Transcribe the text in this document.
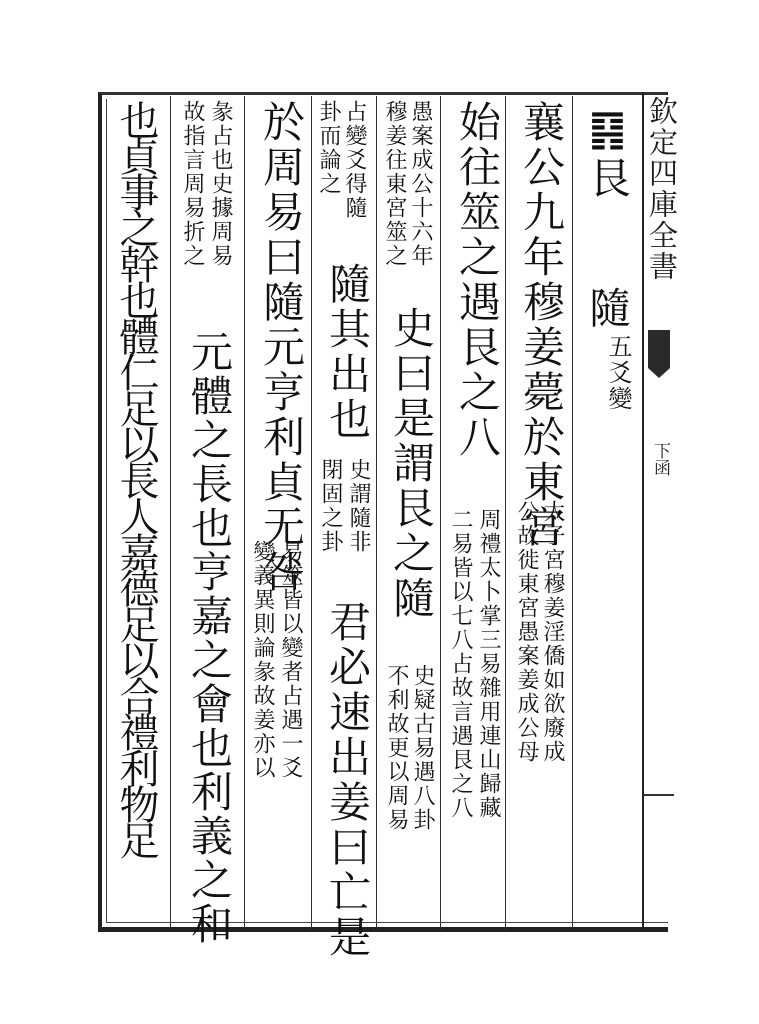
欽定四庫全書
下函
䷳艮
隨
五爻變
襄公九年穆姜薨於東宮
太子宮穆姜淫僑如欲廢成
公故徙東宮愚案姜成公母
始往筮之遇艮之八
周禮太卜掌三易雜用連山歸藏
二易皆以七八占故言遇艮之八
愚案成公十六年
穆姜往東宮筮之
史曰是謂艮之隨
史疑古易遇八卦
不利故更以周易
占變爻得隨
卦而論之
隨其出也
史謂隨非
閉固之卦
君必速出姜曰亡是
於周易曰隨元亨利貞无咎
易筮皆以變者占遇一爻
變義異則論彖故姜亦以
彖占也史據周易
故指言周易折之
元體之長也亨嘉之會也利義之和
也貞事之幹也體仁足以長人嘉德足以合禮利物足
